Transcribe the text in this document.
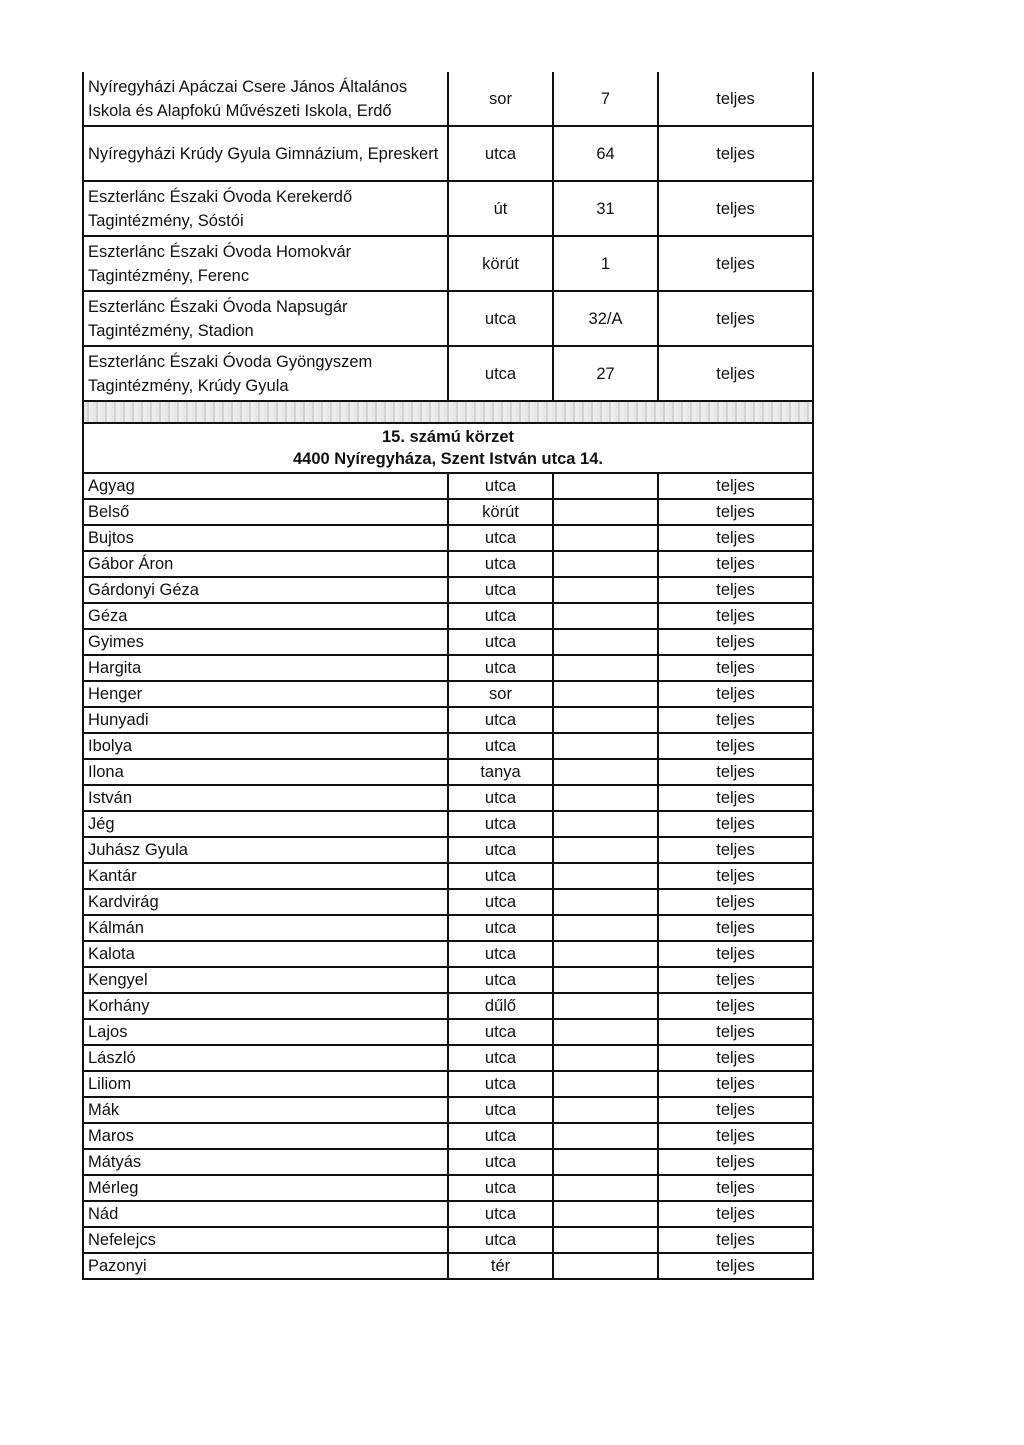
Nyíregyházi Apáczai Csere János Általános Iskola és Alapfokú Művészeti Iskola, Erdő	sor	7	teljes
Nyíregyházi Krúdy Gyula Gimnázium, Epreskert	utca	64	teljes
Eszterlánc Északi Óvoda Kerekerdő Tagintézmény, Sóstói	út	31	teljes
Eszterlánc Északi Óvoda Homokvár Tagintézmény, Ferenc	körút	1	teljes
Eszterlánc Északi Óvoda Napsugár Tagintézmény, Stadion	utca	32/A	teljes
Eszterlánc Északi Óvoda Gyöngyszem Tagintézmény, Krúdy Gyula	utca	27	teljes

15. számú körzet
4400 Nyíregyháza, Szent István utca 14.			

Agyag	utca		teljes
Belső	körút		teljes
Bujtos	utca		teljes
Gábor Áron	utca		teljes
Gárdonyi Géza	utca		teljes
Géza	utca		teljes
Gyimes	utca		teljes
Hargita	utca		teljes
Henger	sor		teljes
Hunyadi	utca		teljes
Ibolya	utca		teljes
Ilona	tanya		teljes
István	utca		teljes
Jég	utca		teljes
Juhász Gyula	utca		teljes
Kantár	utca		teljes
Kardvirág	utca		teljes
Kálmán	utca		teljes
Kalota	utca		teljes
Kengyel	utca		teljes
Korhány	dűlő		teljes
Lajos	utca		teljes
László	utca		teljes
Liliom	utca		teljes
Mák	utca		teljes
Maros	utca		teljes
Mátyás	utca		teljes
Mérleg	utca		teljes
Nád	utca		teljes
Nefelejcs	utca		teljes
Pazonyi	tér		teljes
